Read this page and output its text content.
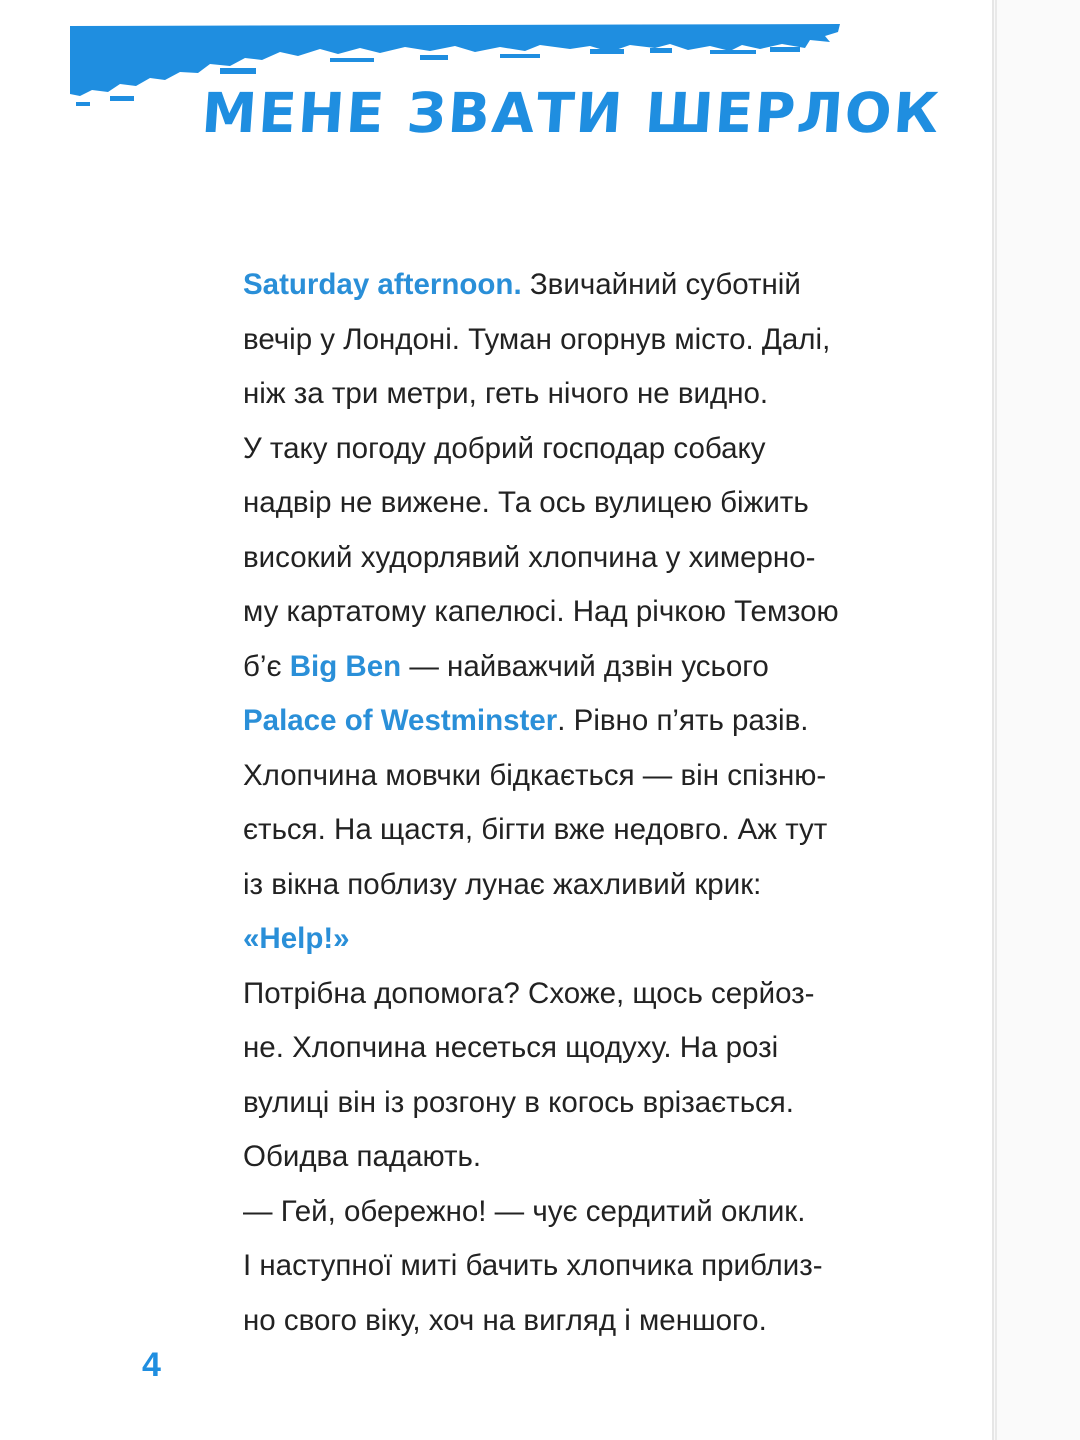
МЕНЕ ЗВАТИ ШЕРЛОК
Saturday afternoon. Звичайний суботній
вечір у Лондоні. Туман огорнув місто. Далі,
ніж за три метри, геть нічого не видно.
У таку погоду добрий господар собаку
надвір не вижене. Та ось вулицею біжить
високий худорлявий хлопчина у химерно-
му картатому капелюсі. Над річкою Темзою
б’є Big Ben — найважчий дзвін усього
Palace of Westminster. Рівно п’ять разів.
Хлопчина мовчки бідкається — він спізню-
ється. На щастя, бігти вже недовго. Аж тут
із вікна поблизу лунає жахливий крик:
«Help!»
Потрібна допомога? Схоже, щось серйоз-
не. Хлопчина несеться щодуху. На розі
вулиці він із розгону в когось врізається.
Обидва падають.
— Гей, обережно! — чує сердитий оклик.
І наступної миті бачить хлопчика приблиз-
но свого віку, хоч на вигляд і меншого.
4
